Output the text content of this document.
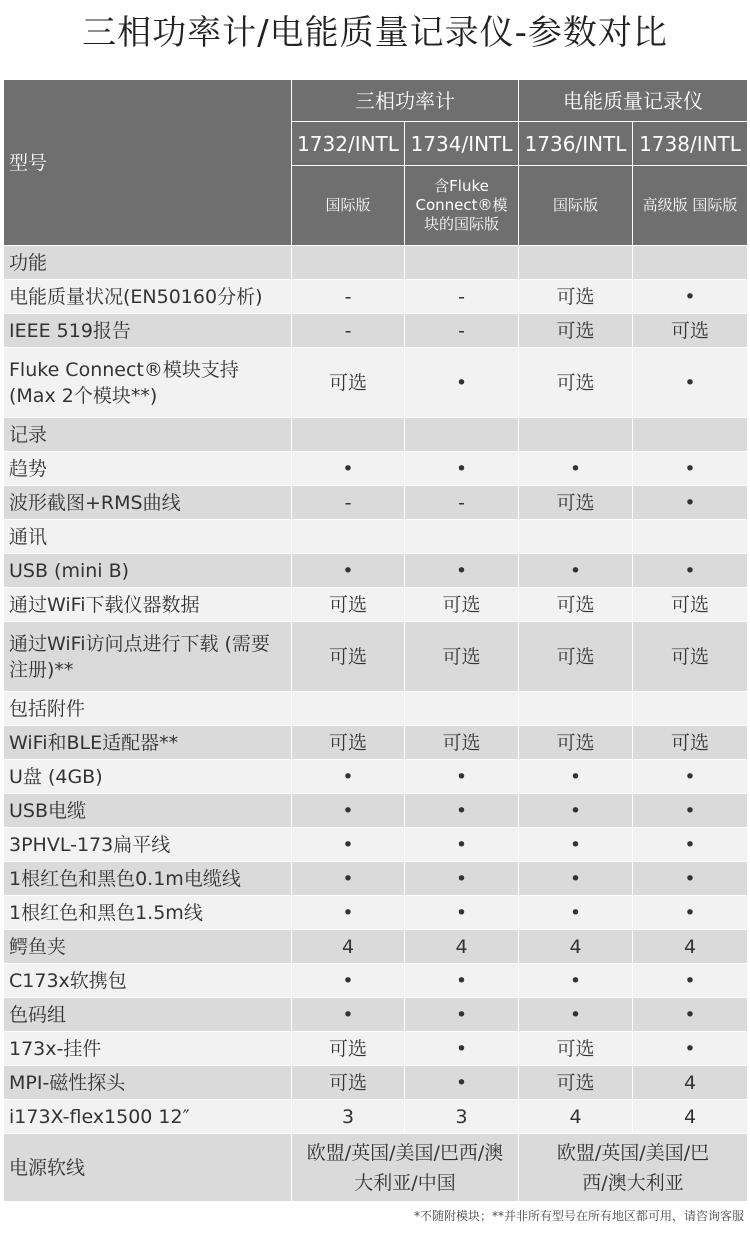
三相功率计/电能质量记录仪-参数对比
型号	三相功率计		电能质量记录仪	
	1732/INTL	1734/INTL	1736/INTL	1738/INTL
	国际版	含Fluke Connect®模块的国际版	国际版	高级版 国际版
功能				
电能质量状况(EN50160分析)	-	-	可选	•
IEEE 519报告	-	-	可选	可选
Fluke Connect®模块支持 (Max 2个模块**)	可选	•	可选	•
记录				
趋势	•	•	•	•
波形截图+RMS曲线	-	-	可选	•
通讯				
USB (mini B)	•	•	•	•
通过WiFi下载仪器数据	可选	可选	可选	可选
通过WiFi访问点进行下载 (需要注册)**	可选	可选	可选	可选
包括附件				
WiFi和BLE适配器**	可选	可选	可选	可选
U盘 (4GB)	•	•	•	•
USB电缆	•	•	•	•
3PHVL-173扁平线	•	•	•	•
1根红色和黑色0.1m电缆线	•	•	•	•
1根红色和黑色1.5m线	•	•	•	•
鳄鱼夹	4	4	4	4
C173x软携包	•	•	•	•
色码组	•	•	•	•
173x-挂件	可选	•	可选	•
MPI-磁性探头	可选	•	可选	4
i173X-flex1500 12″	3	3	4	4
电源软线	欧盟/英国/美国/巴西/澳大利亚/中国		欧盟/英国/美国/巴西/澳大利亚	
*不随附模块；**并非所有型号在所有地区都可用，请咨询客服
